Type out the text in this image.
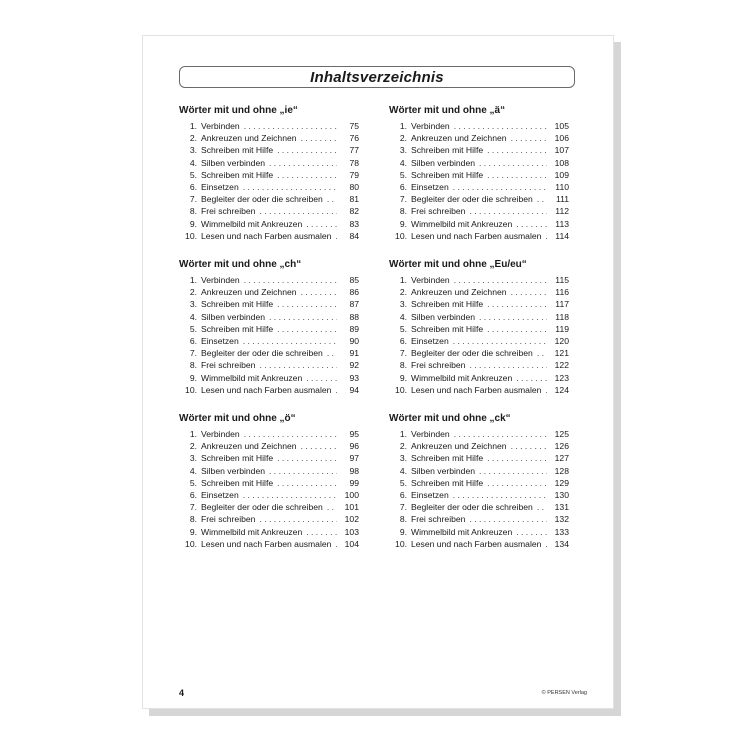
Inhaltsverzeichnis
Wörter mit und ohne „ie“
1. Verbinden . . .	75
2. Ankreuzen und Zeichnen . . .	76
3. Schreiben mit Hilfe . . .	77
4. Silben verbinden . . .	78
5. Schreiben mit Hilfe . . .	79
6. Einsetzen . . .	80
7. Begleiter der oder die schreiben . . .	81
8. Frei schreiben . . .	82
9. Wimmelbild mit Ankreuzen . . .	83
10. Lesen und nach Farben ausmalen . . .	84
Wörter mit und ohne „ä“
1. Verbinden . . .	105
2. Ankreuzen und Zeichnen . . .	106
3. Schreiben mit Hilfe . . .	107
4. Silben verbinden . . .	108
5. Schreiben mit Hilfe . . .	109
6. Einsetzen . . .	110
7. Begleiter der oder die schreiben . . .	111
8. Frei schreiben . . .	112
9. Wimmelbild mit Ankreuzen . . .	113
10. Lesen und nach Farben ausmalen . . .	114
Wörter mit und ohne „ch“
1. Verbinden . . .	85
2. Ankreuzen und Zeichnen . . .	86
3. Schreiben mit Hilfe . . .	87
4. Silben verbinden . . .	88
5. Schreiben mit Hilfe . . .	89
6. Einsetzen . . .	90
7. Begleiter der oder die schreiben . . .	91
8. Frei schreiben . . .	92
9. Wimmelbild mit Ankreuzen . . .	93
10. Lesen und nach Farben ausmalen . . .	94
Wörter mit und ohne „Eu/eu“
1. Verbinden . . .	115
2. Ankreuzen und Zeichnen . . .	116
3. Schreiben mit Hilfe . . .	117
4. Silben verbinden . . .	118
5. Schreiben mit Hilfe . . .	119
6. Einsetzen . . .	120
7. Begleiter der oder die schreiben . . .	121
8. Frei schreiben . . .	122
9. Wimmelbild mit Ankreuzen . . .	123
10. Lesen und nach Farben ausmalen . . .	124
Wörter mit und ohne „ö“
1. Verbinden . . .	95
2. Ankreuzen und Zeichnen . . .	96
3. Schreiben mit Hilfe . . .	97
4. Silben verbinden . . .	98
5. Schreiben mit Hilfe . . .	99
6. Einsetzen . . .	100
7. Begleiter der oder die schreiben . . .	101
8. Frei schreiben . . .	102
9. Wimmelbild mit Ankreuzen . . .	103
10. Lesen und nach Farben ausmalen . . .	104
Wörter mit und ohne „ck“
1. Verbinden . . .	125
2. Ankreuzen und Zeichnen . . .	126
3. Schreiben mit Hilfe . . .	127
4. Silben verbinden . . .	128
5. Schreiben mit Hilfe . . .	129
6. Einsetzen . . .	130
7. Begleiter der oder die schreiben . . .	131
8. Frei schreiben . . .	132
9. Wimmelbild mit Ankreuzen . . .	133
10. Lesen und nach Farben ausmalen . . .	134
4	© PERSEN Verlag
